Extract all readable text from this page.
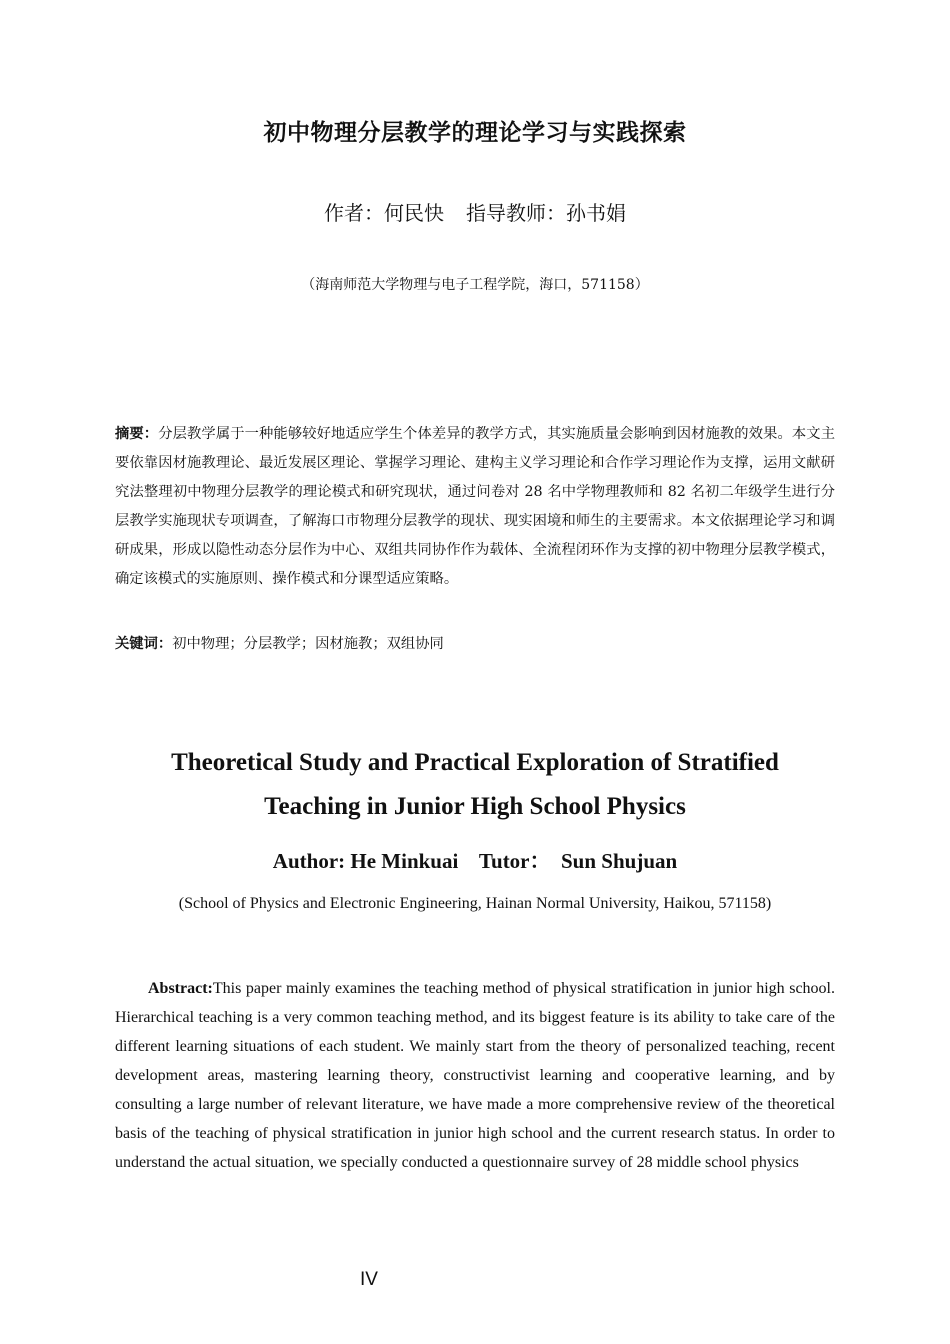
初中物理分层教学的理论学习与实践探索
作者：何民快 指导教师：孙书娟
（海南师范大学物理与电子工程学院，海口，571158）
摘要：分层教学属于一种能够较好地适应学生个体差异的教学方式，其实施质量会影响到因材施教的效果。本文主要依靠因材施教理论、最近发展区理论、掌握学习理论、建构主义学习理论和合作学习理论作为支撑，运用文献研究法整理初中物理分层教学的理论模式和研究现状，通过问卷对 28 名中学物理教师和 82 名初二年级学生进行分层教学实施现状专项调查，了解海口市物理分层教学的现状、现实困境和师生的主要需求。本文依据理论学习和调研成果，形成以隐性动态分层作为中心、双组共同协作作为载体、全流程闭环作为支撑的初中物理分层教学模式，确定该模式的实施原则、操作模式和分课型适应策略。
关键词：初中物理；分层教学；因材施教；双组协同
Theoretical Study and Practical Exploration of Stratified
Teaching in Junior High School Physics
Author: He Minkuai    Tutor：  Sun Shujuan
(School of Physics and Electronic Engineering, Hainan Normal University, Haikou, 571158)
Abstract:This paper mainly examines the teaching method of physical stratification in junior high school. Hierarchical teaching is a very common teaching method, and its biggest feature is its ability to take care of the different learning situations of each student. We mainly start from the theory of personalized teaching, recent development areas, mastering learning theory, constructivist learning and cooperative learning, and by consulting a large number of relevant literature, we have made a more comprehensive review of the theoretical basis of the teaching of physical stratification in junior high school and the current research status. In order to understand the actual situation, we specially conducted a questionnaire survey of 28 middle school physics
IV
